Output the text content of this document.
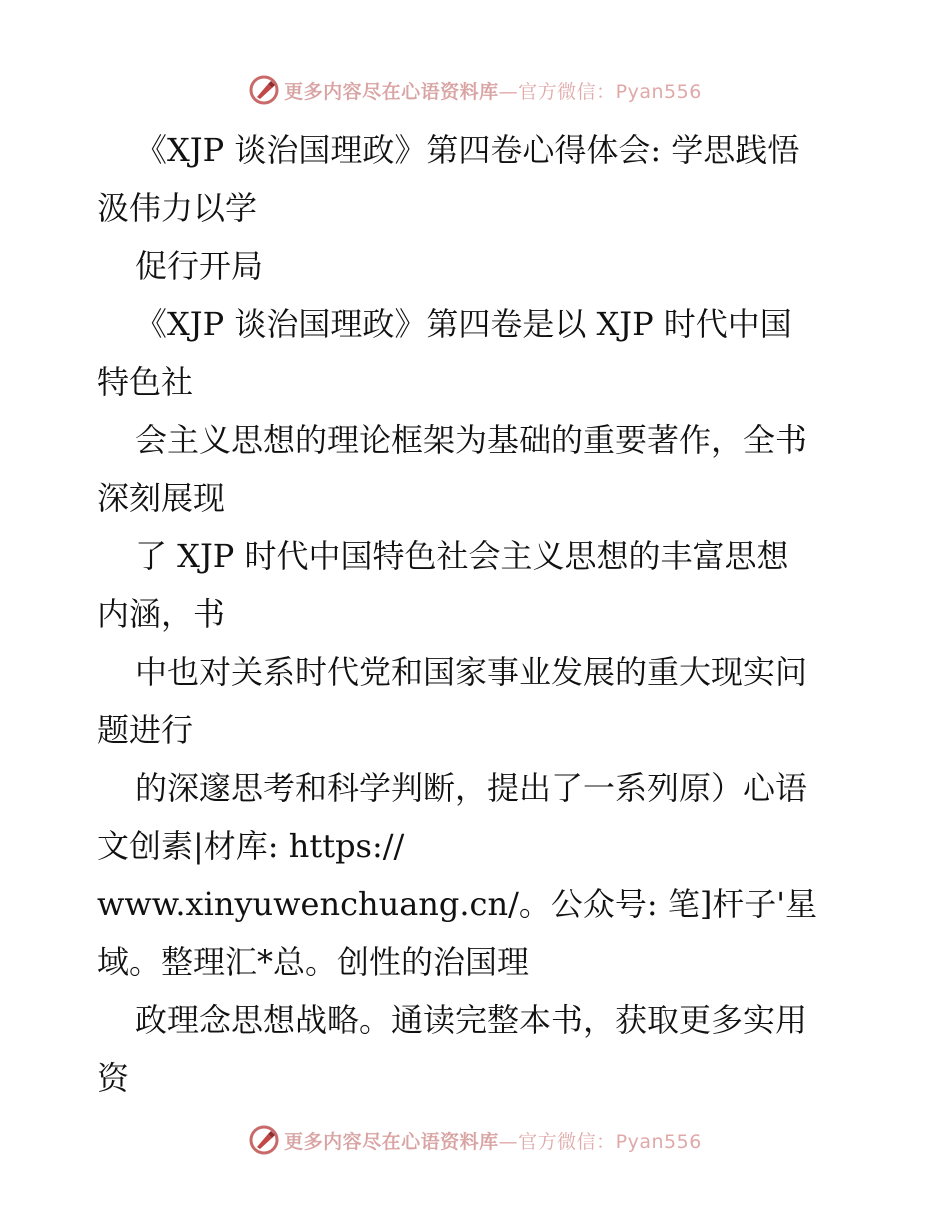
更多内容尽在心语资料库—官方微信：Pyan556
《XJP 谈治国理政》第四卷心得体会: 学思践悟
汲伟力以学
促行开局
《XJP 谈治国理政》第四卷是以 XJP 时代中国
特色社
会主义思想的理论框架为基础的重要著作，全书
深刻展现
了 XJP 时代中国特色社会主义思想的丰富思想
内涵，书
中也对关系时代党和国家事业发展的重大现实问
题进行
的深邃思考和科学判断，提出了一系列原）心语
文创素|材库: https://
www.xinyuwenchuang.cn/。公众号: 笔]杆子'星
域。整理汇*总。创性的治国理
政理念思想战略。通读完整本书，获取更多实用
资
更多内容尽在心语资料库—官方微信：Pyan556
